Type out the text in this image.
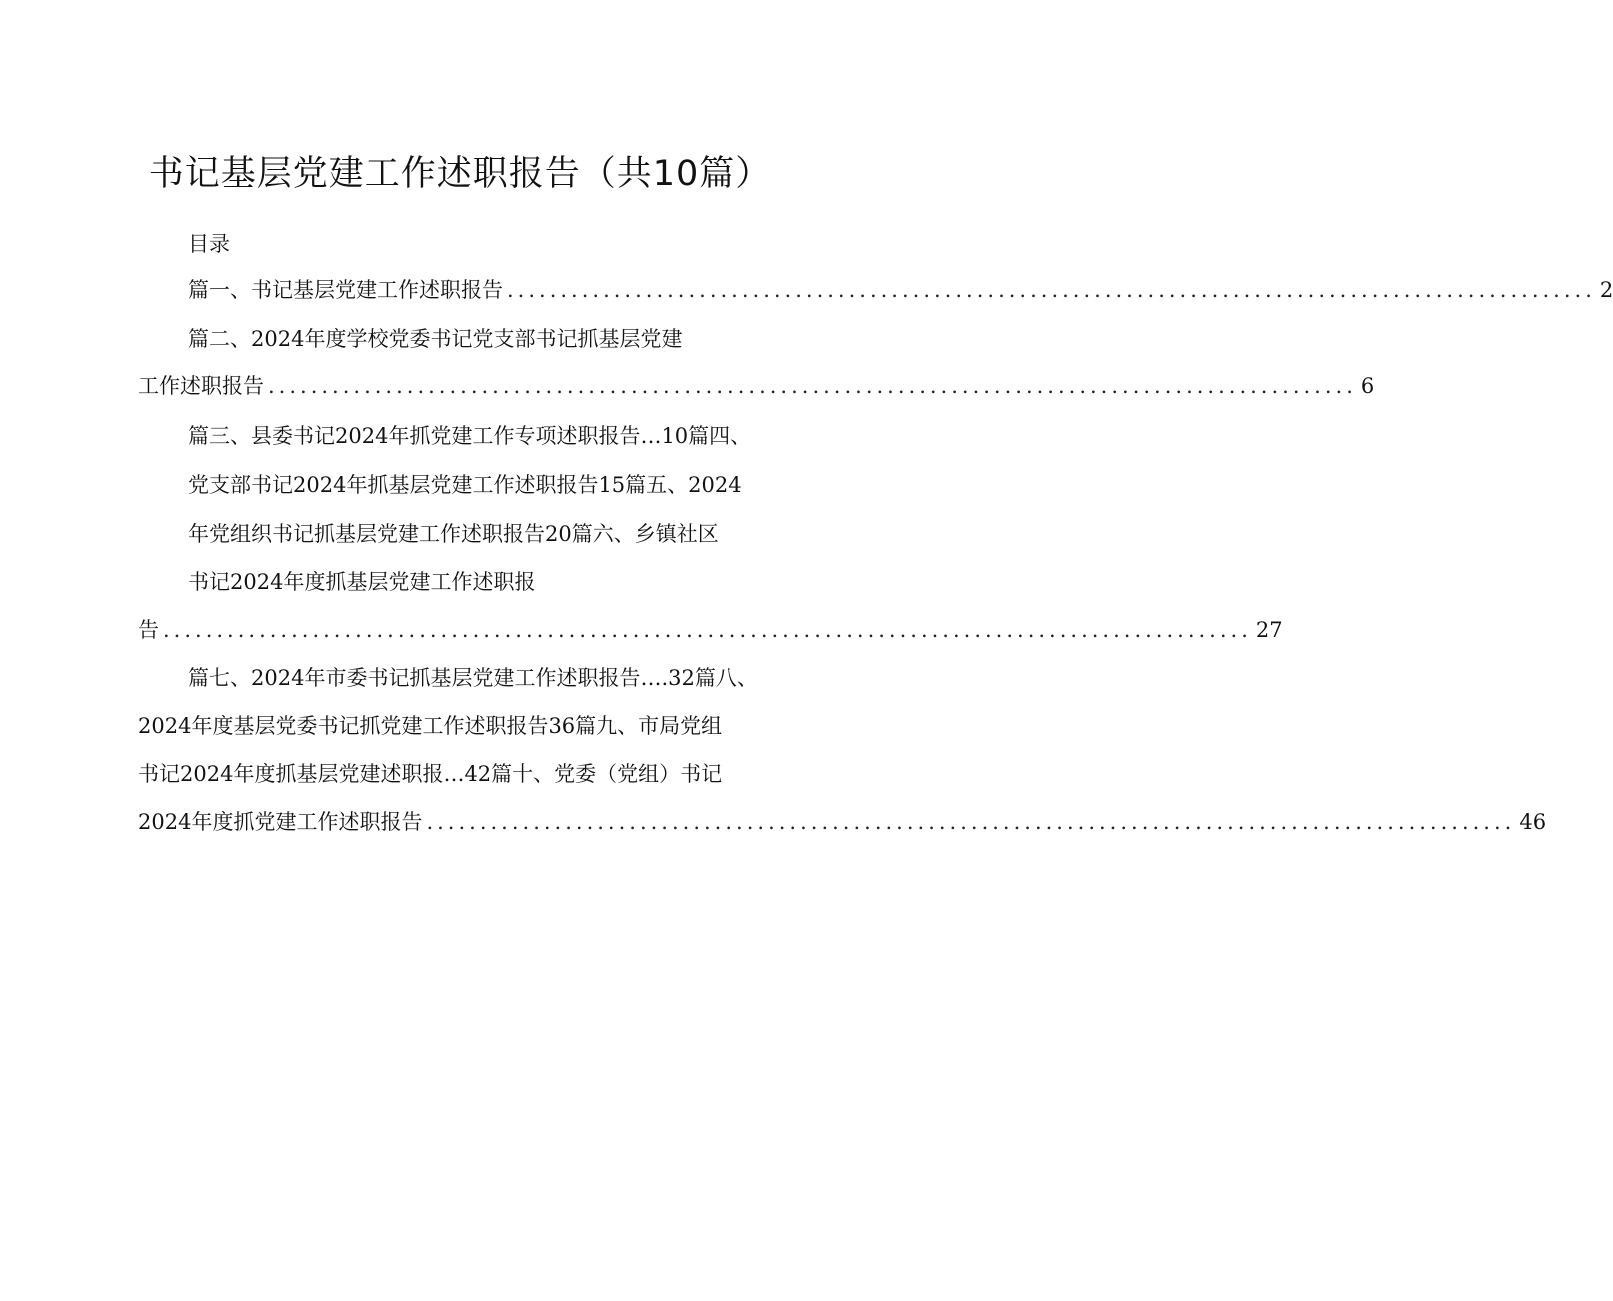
书记基层党建工作述职报告（共10篇）
目录
篇一、书记基层党建工作述职报告 ...................................................................................................... 2
篇二、2024年度学校党委书记党支部书记抓基层党建
工作述职报告 ...................................................................................................... 6
篇三、县委书记2024年抓党建工作专项述职报告…10篇四、
党支部书记2024年抓基层党建工作述职报告15篇五、2024
年党组织书记抓基层党建工作述职报告20篇六、乡镇社区
书记2024年度抓基层党建工作述职报
告 ...................................................................................................... 27
篇七、2024年市委书记抓基层党建工作述职报告….32篇八、
2024年度基层党委书记抓党建工作述职报告36篇九、市局党组
书记2024年度抓基层党建述职报…42篇十、党委（党组）书记
2024年度抓党建工作述职报告 ...................................................................................................... 46
